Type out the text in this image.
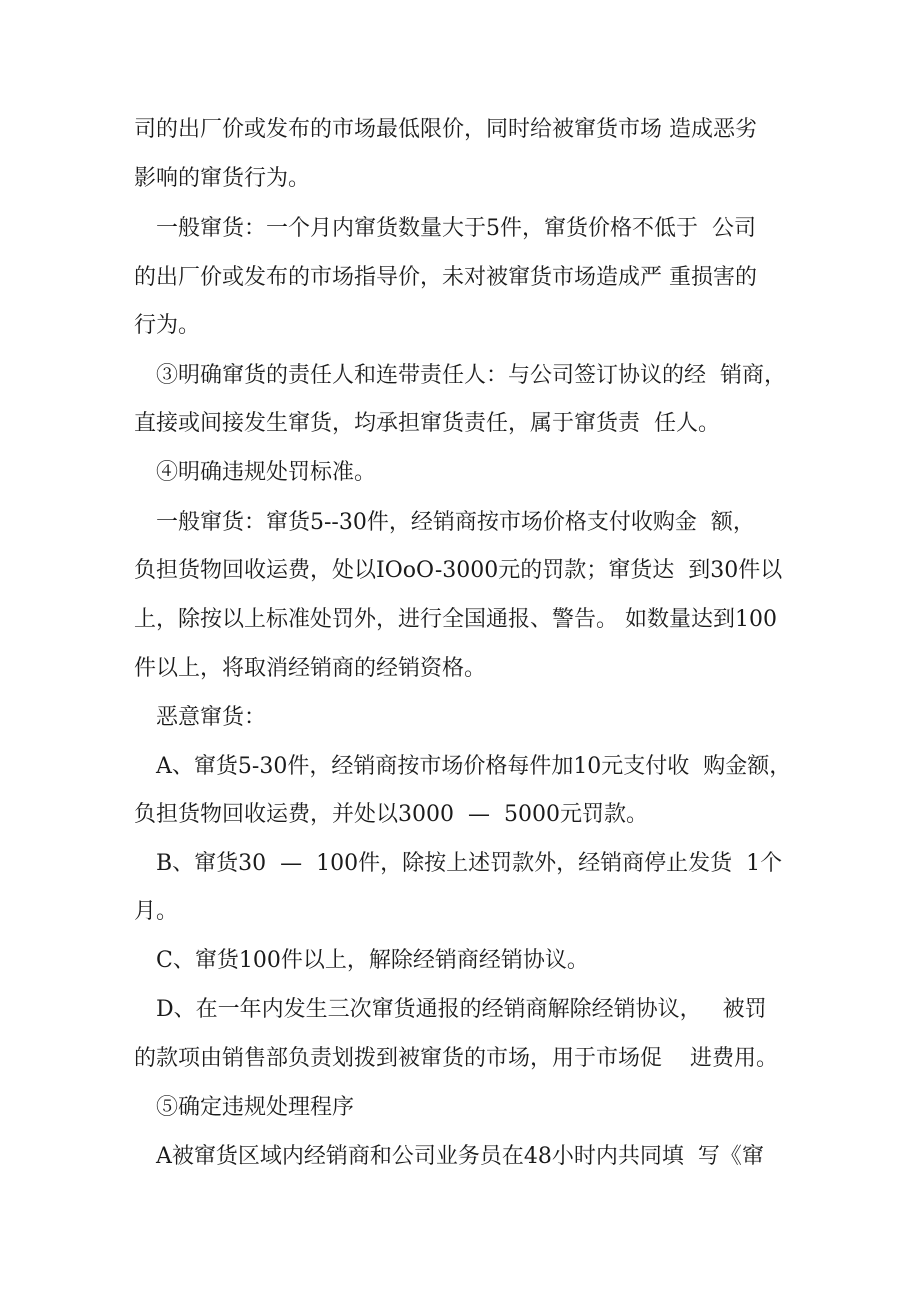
司的出厂价或发布的市场最低限价，同时给被窜货市场 造成恶劣
影响的窜货行为。
一般窜货：一个月内窜货数量大于5件，窜货价格不低于  公司
的出厂价或发布的市场指导价，未对被窜货市场造成严 重损害的
行为。
③明确窜货的责任人和连带责任人：与公司签订协议的经  销商，
直接或间接发生窜货，均承担窜货责任，属于窜货责  任人。
④明确违规处罚标准。
一般窜货：窜货5--30件，经销商按市场价格支付收购金  额，
负担货物回收运费，处以IOoO-3000元的罚款；窜货达  到30件以
上，除按以上标准处罚外，进行全国通报、警告。 如数量达到100
件以上，将取消经销商的经销资格。
恶意窜货：
A、窜货5-30件，经销商按市场价格每件加10元支付收  购金额，
负担货物回收运费，并处以3000  —  5000元罚款。
B、窜货30  —  100件，除按上述罚款外，经销商停止发货  1个
月。
C、窜货100件以上，解除经销商经销协议。
D、在一年内发生三次窜货通报的经销商解除经销协议，   被罚
的款项由销售部负责划拨到被窜货的市场，用于市场促    进费用。
⑤确定违规处理程序
A被窜货区域内经销商和公司业务员在48小时内共同填  写《窜
